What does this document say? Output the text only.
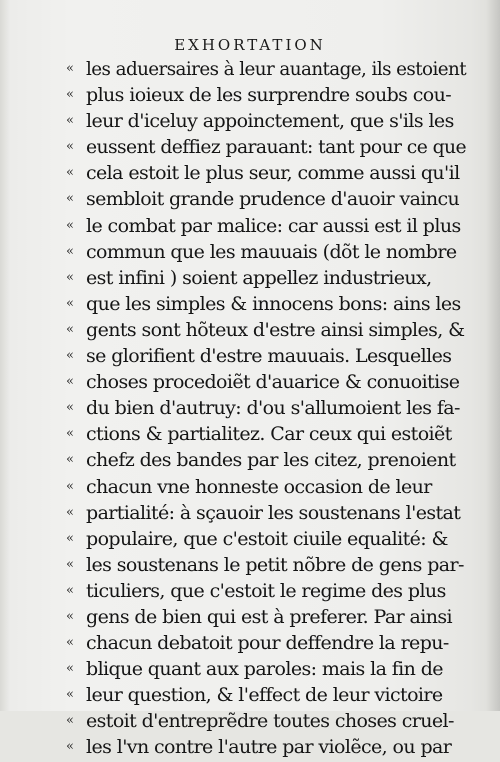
EXHORTATION
« les aduersaires à leur auantage, ils estoient
« plus ioieux de les surprendre soubs cou-
« leur d'iceluy appoinctement, que s'ils les
« eussent deffiez parauant: tant pour ce que
« cela estoit le plus seur, comme aussi qu'il
« sembloit grande prudence d'auoir vaincu
« le combat par malice: car aussi est il plus
« commun que les mauuais (dõt le nombre
« est infini ) soient appellez industrieux,
« que les simples & innocens bons: ains les
« gents sont hõteux d'estre ainsi simples, &
« se glorifient d'estre mauuais. Lesquelles
« choses procedoiẽt d'auarice & conuoitise
« du bien d'autruy: d'ou s'allumoient les fa-
« ctions & partialitez. Car ceux qui estoiẽt
« chefz des bandes par les citez, prenoient
« chacun vne honneste occasion de leur
« partialité: à sçauoir les soustenans l'estat
« populaire, que c'estoit ciuile equalité: &
« les soustenans le petit nõbre de gens par-
« ticuliers, que c'estoit le regime des plus
« gens de bien qui est à preferer. Par ainsi
« chacun debatoit pour deffendre la repu-
« blique quant aux paroles: mais la fin de
« leur question, & l'effect de leur victoire
« estoit d'entreprẽdre toutes choses cruel-
« les l'vn contre l'autre par violẽce, ou par
